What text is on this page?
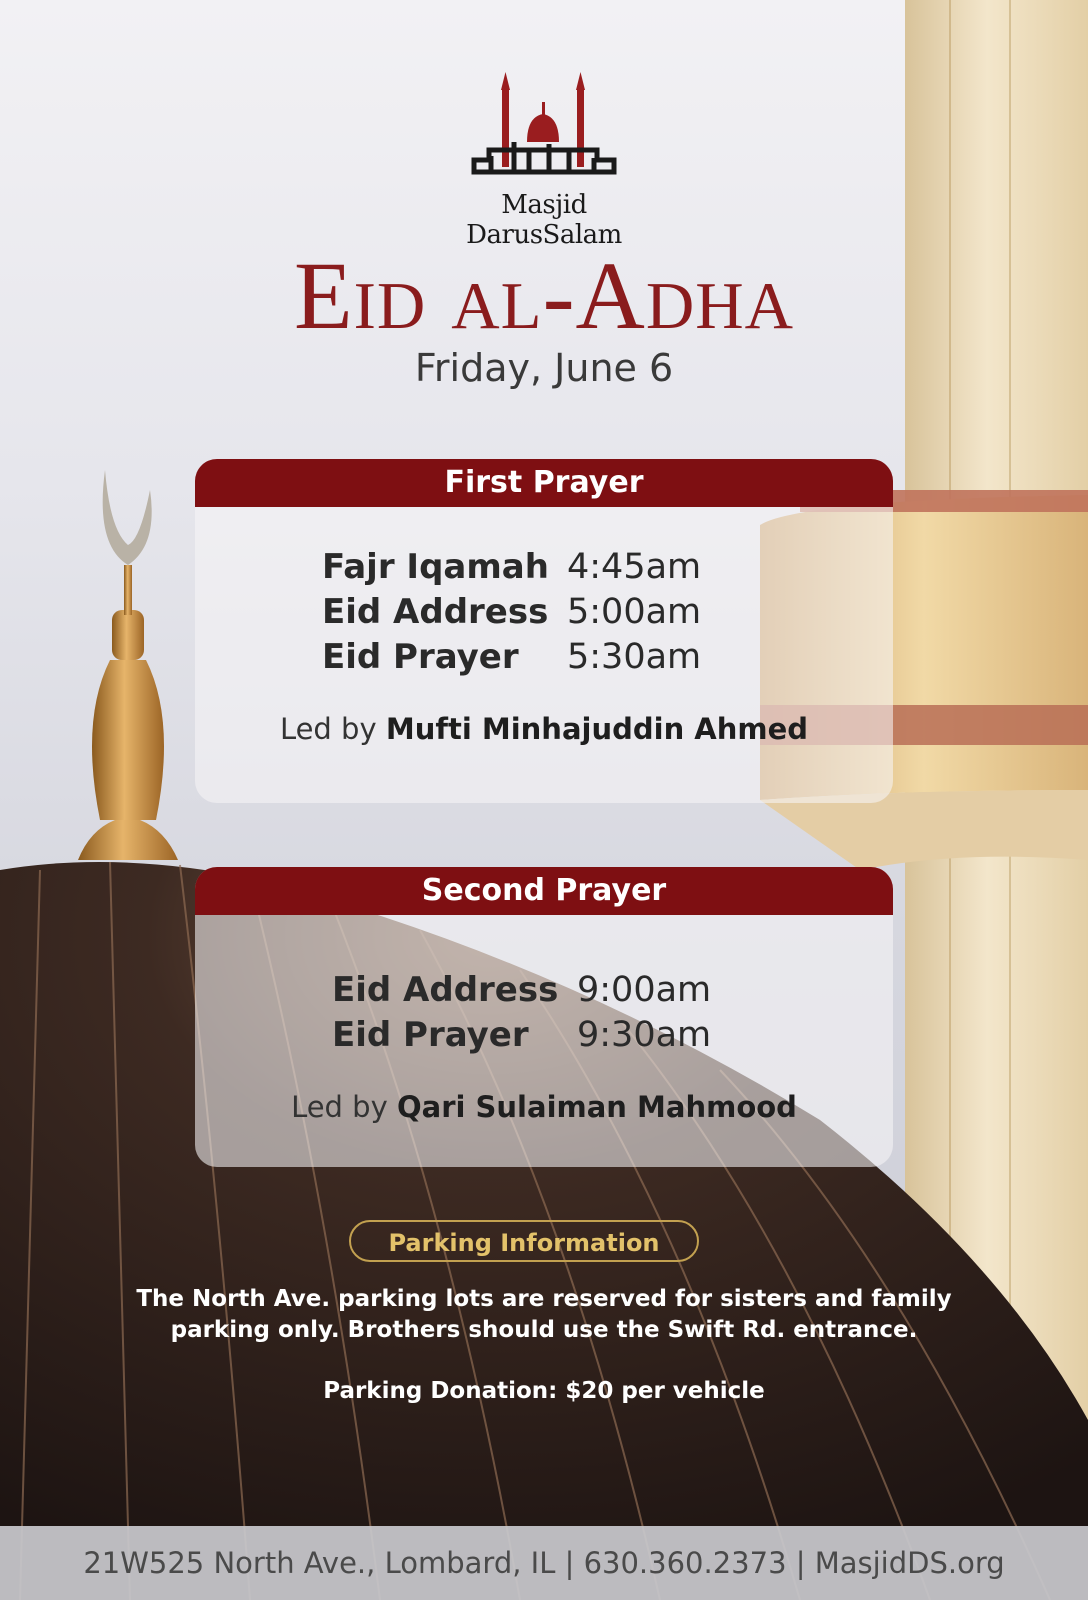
Masjid DarusSalam
Eid al-Adha
Friday, June 6
First Prayer
Fajr Iqamah 4:45am
Eid Address 5:00am
Eid Prayer 5:30am
Led by Mufti Minhajuddin Ahmed
Second Prayer
Eid Address 9:00am
Eid Prayer 9:30am
Led by Qari Sulaiman Mahmood
Parking Information
The North Ave. parking lots are reserved for sisters and family
parking only. Brothers should use the Swift Rd. entrance.
Parking Donation: $20 per vehicle
21W525 North Ave., Lombard, IL | 630.360.2373 | MasjidDS.org
